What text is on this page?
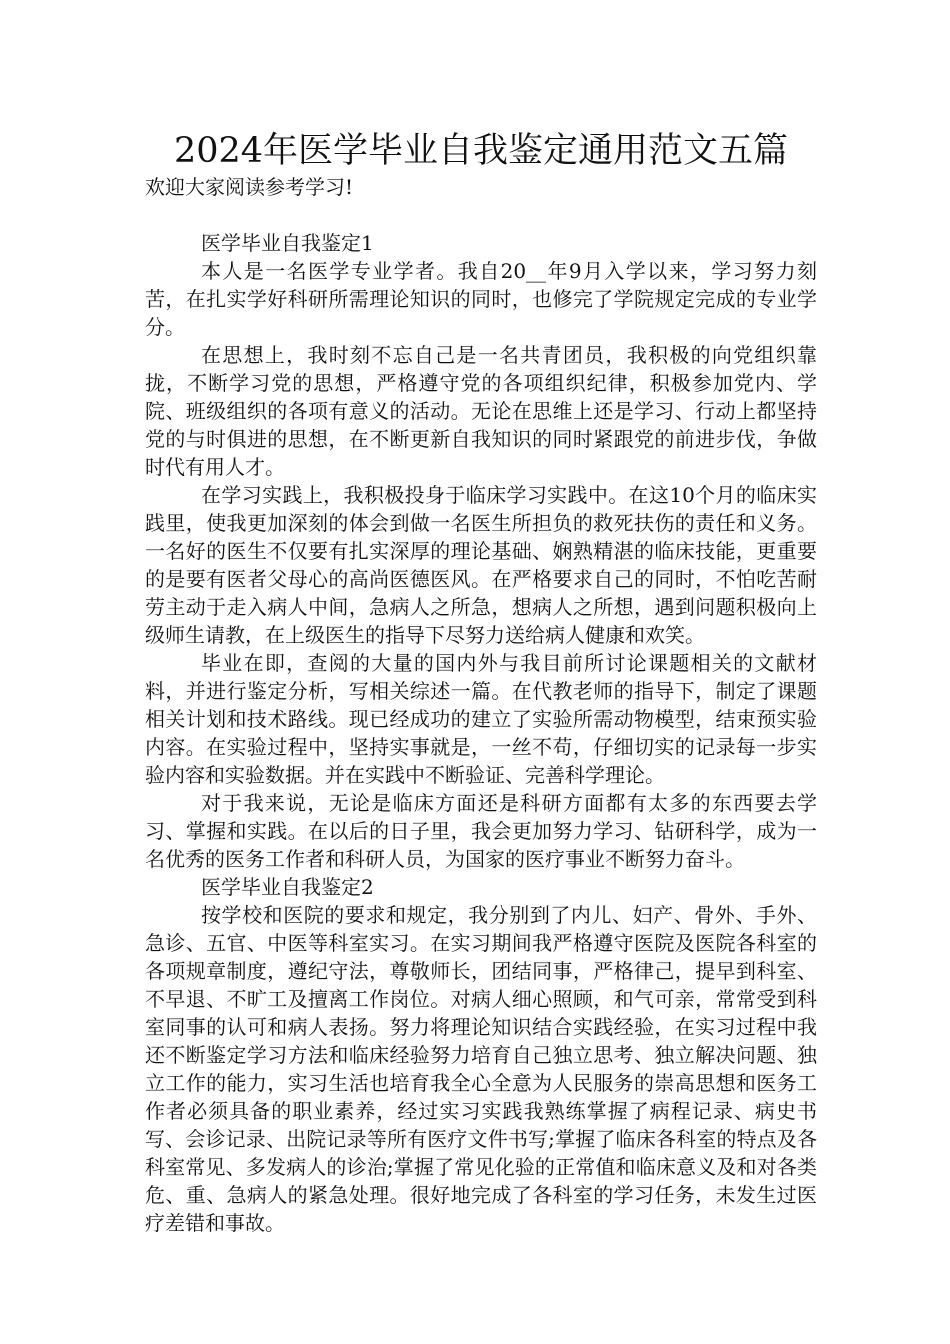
2024年医学毕业自我鉴定通用范文五篇

欢迎大家阅读参考学习!

医学毕业自我鉴定1

本人是一名医学专业学者。我自20__年9月入学以来，学习努力刻苦，在扎实学好科研所需理论知识的同时，也修完了学院规定完成的专业学分。

在思想上，我时刻不忘自己是一名共青团员，我积极的向党组织靠拢，不断学习党的思想，严格遵守党的各项组织纪律，积极参加党内、学院、班级组织的各项有意义的活动。无论在思维上还是学习、行动上都坚持党的与时俱进的思想，在不断更新自我知识的同时紧跟党的前进步伐，争做时代有用人才。

在学习实践上，我积极投身于临床学习实践中。在这10个月的临床实践里，使我更加深刻的体会到做一名医生所担负的救死扶伤的责任和义务。一名好的医生不仅要有扎实深厚的理论基础、娴熟精湛的临床技能，更重要的是要有医者父母心的高尚医德医风。在严格要求自己的同时，不怕吃苦耐劳主动于走入病人中间，急病人之所急，想病人之所想，遇到问题积极向上级师生请教，在上级医生的指导下尽努力送给病人健康和欢笑。

毕业在即，查阅的大量的国内外与我目前所讨论课题相关的文献材料，并进行鉴定分析，写相关综述一篇。在代教老师的指导下，制定了课题相关计划和技术路线。现已经成功的建立了实验所需动物模型，结束预实验内容。在实验过程中，坚持实事就是，一丝不苟，仔细切实的记录每一步实验内容和实验数据。并在实践中不断验证、完善科学理论。

对于我来说，无论是临床方面还是科研方面都有太多的东西要去学习、掌握和实践。在以后的日子里，我会更加努力学习、钻研科学，成为一名优秀的医务工作者和科研人员，为国家的医疗事业不断努力奋斗。

医学毕业自我鉴定2

按学校和医院的要求和规定，我分别到了内儿、妇产、骨外、手外、急诊、五官、中医等科室实习。在实习期间我严格遵守医院及医院各科室的各项规章制度，遵纪守法，尊敬师长，团结同事，严格律己，提早到科室、不早退、不旷工及擅离工作岗位。对病人细心照顾，和气可亲，常常受到科室同事的认可和病人表扬。努力将理论知识结合实践经验，在实习过程中我还不断鉴定学习方法和临床经验努力培育自己独立思考、独立解决问题、独立工作的能力，实习生活也培育我全心全意为人民服务的崇高思想和医务工作者必须具备的职业素养，经过实习实践我熟练掌握了病程记录、病史书写、会诊记录、出院记录等所有医疗文件书写;掌握了临床各科室的特点及各科室常见、多发病人的诊治;掌握了常见化验的正常值和临床意义及和对各类危、重、急病人的紧急处理。很好地完成了各科室的学习任务，未发生过医疗差错和事故。
